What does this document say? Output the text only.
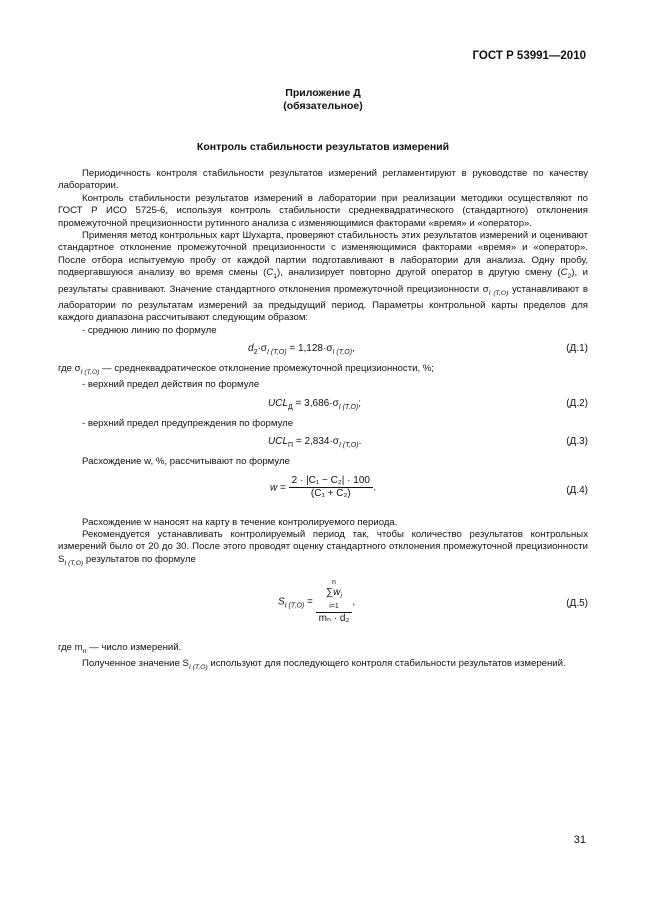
ГОСТ Р 53991—2010
Приложение Д
(обязательное)
Контроль стабильности результатов измерений

Периодичность контроля стабильности результатов измерений регламентируют в руководстве по качеству лаборатории.

Контроль стабильности результатов измерений в лаборатории при реализации методики осуществляют по ГОСТ Р ИСО 5725-6, используя контроль стабильности среднеквадратического (стандартного) отклонения промежуточной прецизионности рутинного анализа с изменяющимися факторами «время» и «оператор».

Применяя метод контрольных карт Шухарта, проверяют стабильность этих результатов измерений и оценивают стандартное отклонение промежуточной прецизионности с изменяющимися факторами «время» и «оператор». После отбора испытуемую пробу от каждой партии подготавливают в лаборатории для анализа. Одну пробу, подвергавшуюся анализу во время смены $(C_1)$, анализирует повторно другой оператор в другую смену $(C_2)$, и результаты сравнивают. Значение стандартного отклонения промежуточной прецизионности $\sigma_{I (T,O)}$ устанавливают в лаборатории по результатам измерений за предыдущий период. Параметры контрольной карты пределов для каждого диапазона рассчитывают следующим образом:

- среднюю линию по формуле

$d_2\cdot\sigma_{I (T,O)} = 1,128\cdot\sigma_{I (T,O)}$,	(Д.1)

где $\sigma_{I (T,O)}$ — среднеквадратическое отклонение промежуточной прецизионности, %;

- верхний предел действия по формуле

$UCL_Д = 3,686\cdot\sigma_{I (T,O)}$;	(Д.2)

- верхний предел предупреждения по формуле

$UCL_П = 2,834\cdot\sigma_{I (T,O)}$.	(Д.3)

Расхождение w, %, рассчитывают по формуле

$w = \frac{\text{2 · |C₁ − C₂| · 100}}{\text{(C₁ + C₂)}}$ .	(Д.4)

Расхождение w наносят на карту в течение контролируемого периода.

Рекомендуется устанавливать контролируемый период так, чтобы количество результатов контрольных измерений было от 20 до 30. После этого проводят оценку стандартного отклонения промежуточной прецизионности $S_{I (T,O)}$ результатов по формуле

$S_{I (T,O)} = n$
$\sum w_i$
i=1
mₙ · d₂ ,	(Д.5)

где $m_n$ — число измерений.

Полученное значение $S_{I (T,O)}$ используют для последующего контроля стабильности результатов измерений.

31
